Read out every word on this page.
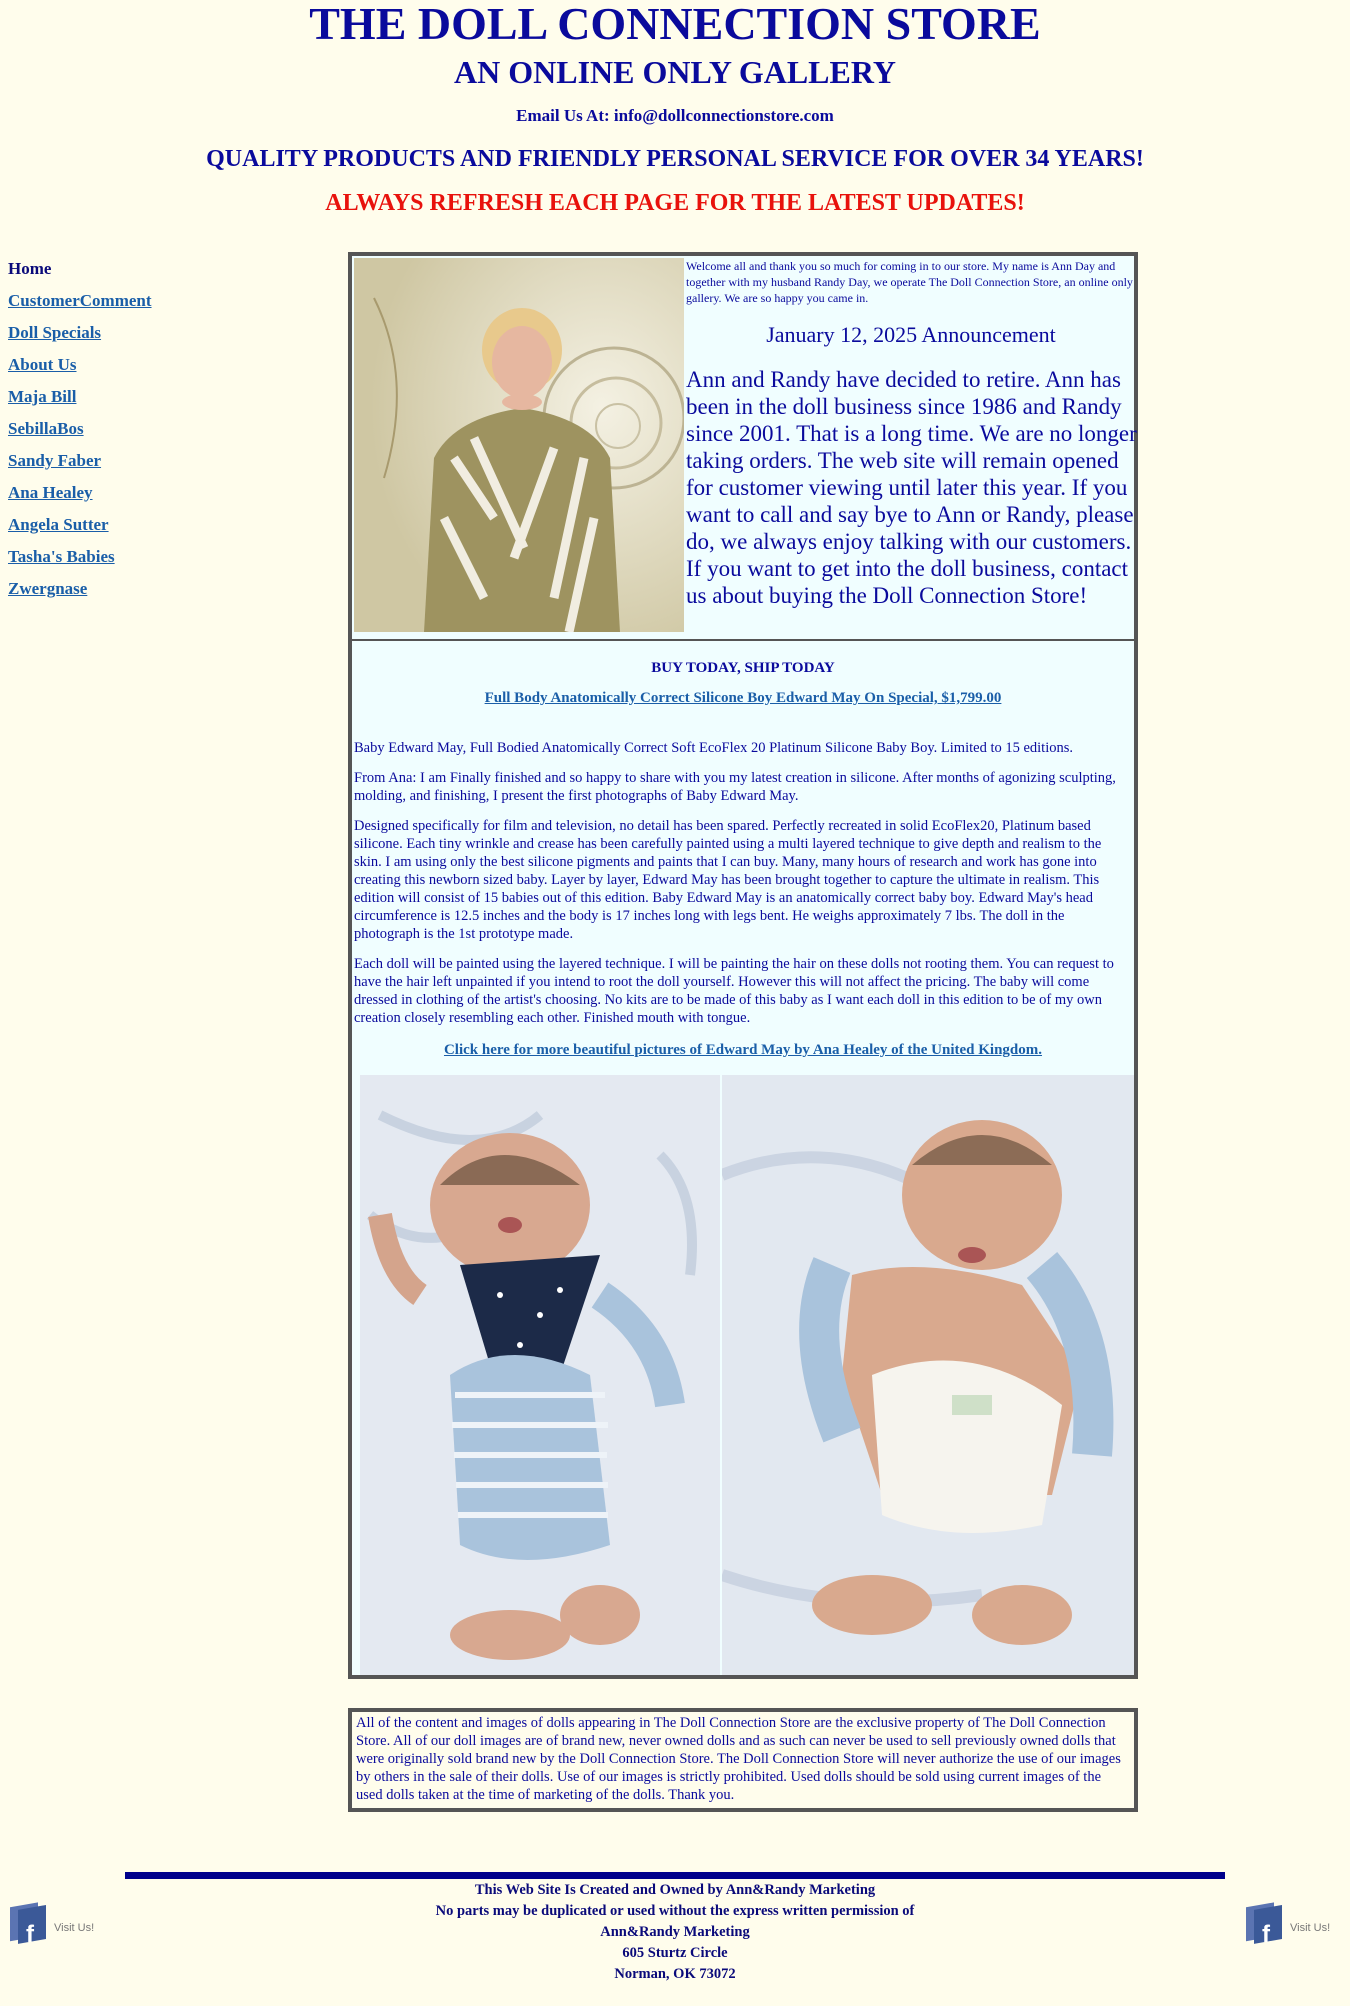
THE DOLL CONNECTION STORE
AN ONLINE ONLY GALLERY
Email Us At: info@dollconnectionstore.com
QUALITY PRODUCTS AND FRIENDLY PERSONAL SERVICE FOR OVER 34 YEARS!
ALWAYS REFRESH EACH PAGE FOR THE LATEST UPDATES!
Home
CustomerComment
Doll Specials
About Us
Maja Bill
SebillaBos
Sandy Faber
Ana Healey
Angela Sutter
Tasha's Babies
Zwergnase
Welcome all and thank you so much for coming in to our store. My name is Ann Day and together with my husband Randy Day, we operate The Doll Connection Store, an online only gallery. We are so happy you came in.
January 12, 2025 Announcement
Ann and Randy have decided to retire. Ann has been in the doll business since 1986 and Randy since 2001. That is a long time. We are no longer taking orders. The web site will remain opened for customer viewing until later this year. If you want to call and say bye to Ann or Randy, please do, we always enjoy talking with our customers. If you want to get into the doll business, contact us about buying the Doll Connection Store!
BUY TODAY, SHIP TODAY
Full Body Anatomically Correct Silicone Boy Edward May On Special, $1,799.00

Baby Edward May, Full Bodied Anatomically Correct Soft EcoFlex 20 Platinum Silicone Baby Boy. Limited to 15 editions.

From Ana: I am Finally finished and so happy to share with you my latest creation in silicone. After months of agonizing sculpting, molding, and finishing, I present the first photographs of Baby Edward May.

Designed specifically for film and television, no detail has been spared. Perfectly recreated in solid EcoFlex20, Platinum based silicone. Each tiny wrinkle and crease has been carefully painted using a multi layered technique to give depth and realism to the skin. I am using only the best silicone pigments and paints that I can buy. Many, many hours of research and work has gone into creating this newborn sized baby. Layer by layer, Edward May has been brought together to capture the ultimate in realism. This edition will consist of 15 babies out of this edition. Baby Edward May is an anatomically correct baby boy. Edward May's head circumference is 12.5 inches and the body is 17 inches long with legs bent. He weighs approximately 7 lbs. The doll in the photograph is the 1st prototype made.

Each doll will be painted using the layered technique. I will be painting the hair on these dolls not rooting them. You can request to have the hair left unpainted if you intend to root the doll yourself. However this will not affect the pricing. The baby will come dressed in clothing of the artist's choosing. No kits are to be made of this baby as I want each doll in this edition to be of my own creation closely resembling each other. Finished mouth with tongue.

Click here for more beautiful pictures of Edward May by Ana Healey of the United Kingdom.
All of the content and images of dolls appearing in The Doll Connection Store are the exclusive property of The Doll Connection Store. All of our doll images are of brand new, never owned dolls and as such can never be used to sell previously owned dolls that were originally sold brand new by the Doll Connection Store. The Doll Connection Store will never authorize the use of our images by others in the sale of their dolls. Use of our images is strictly prohibited. Used dolls should be sold using current images of the used dolls taken at the time of marketing of the dolls. Thank you.
This Web Site Is Created and Owned by Ann&Randy Marketing
No parts may be duplicated or used without the express written permission of
Ann&Randy Marketing
605 Sturtz Circle
Norman, OK 73072
f Visit Us!	f Visit Us!
